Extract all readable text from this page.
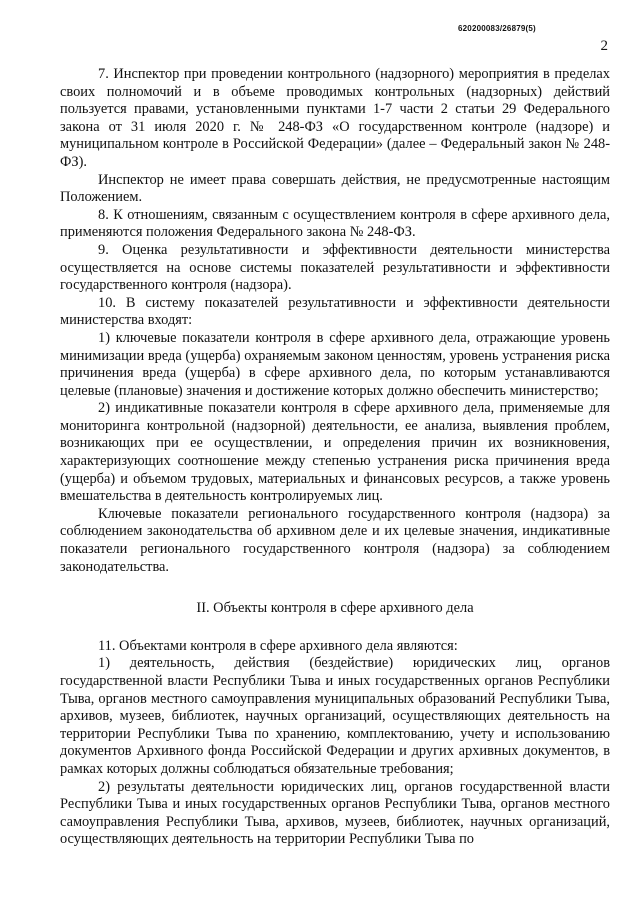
620200083/26879(5)
2

7. Инспектор при проведении контрольного (надзорного) мероприятия в пределах своих полномочий и в объеме проводимых контрольных (надзорных) действий пользуется правами, установленными пунктами 1-7 части 2 статьи 29 Федерального закона от 31 июля 2020 г. № 248-ФЗ «О государственном контроле (надзоре) и муниципальном контроле в Российской Федерации» (далее – Федеральный закон № 248-ФЗ).

Инспектор не имеет права совершать действия, не предусмотренные настоящим Положением.

8. К отношениям, связанным с осуществлением контроля в сфере архивного дела, применяются положения Федерального закона № 248-ФЗ.

9. Оценка результативности и эффективности деятельности министерства осуществляется на основе системы показателей результативности и эффективности государственного контроля (надзора).

10. В систему показателей результативности и эффективности деятельности министерства входят:

1) ключевые показатели контроля в сфере архивного дела, отражающие уровень минимизации вреда (ущерба) охраняемым законом ценностям, уровень устранения риска причинения вреда (ущерба) в сфере архивного дела, по которым устанавливаются целевые (плановые) значения и достижение которых должно обеспечить министерство;

2) индикативные показатели контроля в сфере архивного дела, применяемые для мониторинга контрольной (надзорной) деятельности, ее анализа, выявления проблем, возникающих при ее осуществлении, и определения причин их возникновения, характеризующих соотношение между степенью устранения риска причинения вреда (ущерба) и объемом трудовых, материальных и финансовых ресурсов, а также уровень вмешательства в деятельность контролируемых лиц.

Ключевые показатели регионального государственного контроля (надзора) за соблюдением законодательства об архивном деле и их целевые значения, индикативные показатели регионального государственного контроля (надзора) за соблюдением законодательства.

II. Объекты контроля в сфере архивного дела

11. Объектами контроля в сфере архивного дела являются:

1) деятельность, действия (бездействие) юридических лиц, органов государственной власти Республики Тыва и иных государственных органов Республики Тыва, органов местного самоуправления муниципальных образований Республики Тыва, архивов, музеев, библиотек, научных организаций, осуществляющих деятельность на территории Республики Тыва по хранению, комплектованию, учету и использованию документов Архивного фонда Российской Федерации и других архивных документов, в рамках которых должны соблюдаться обязательные требования;

2) результаты деятельности юридических лиц, органов государственной власти Республики Тыва и иных государственных органов Республики Тыва, органов местного самоуправления Республики Тыва, архивов, музеев, библиотек, научных организаций, осуществляющих деятельность на территории Республики Тыва по
